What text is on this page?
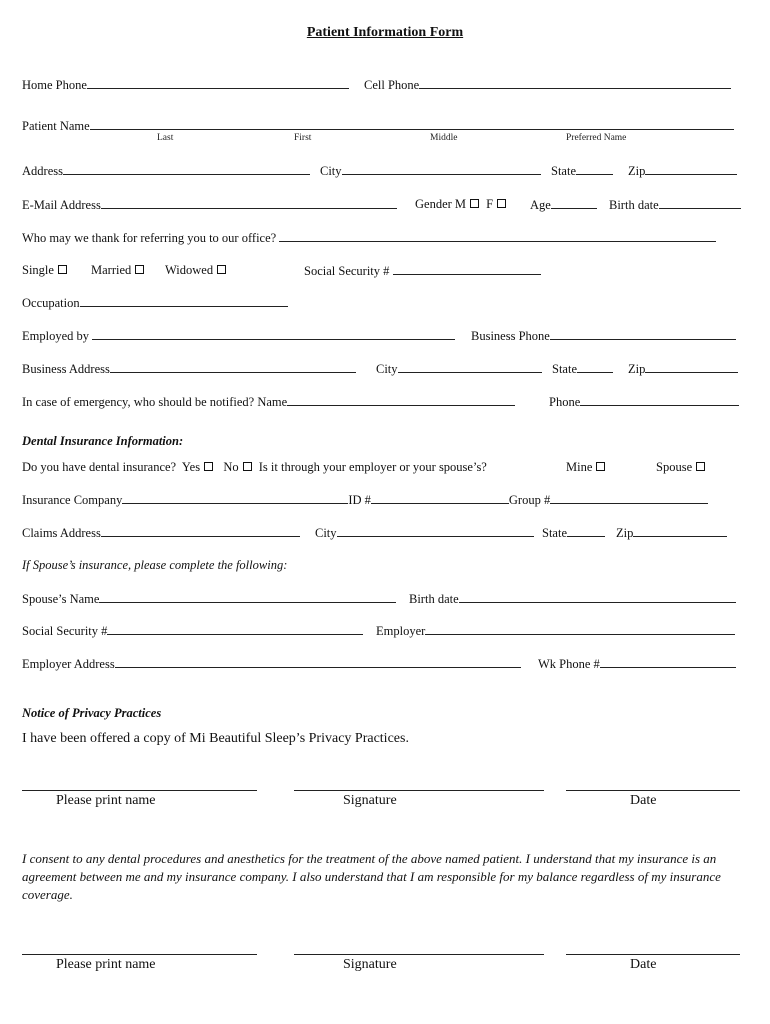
Patient Information Form
Home Phone	Cell Phone
Patient Name
Last	First	Middle	Preferred Name
Address	City	State	Zip
E-Mail Address	Gender M F	Age	Birth date
Who may we thank for referring you to our office?
Single	Married	Widowed	Social Security #
Occupation
Employed by	Business Phone
Business Address	City	State	Zip
In case of emergency, who should be notified? Name	Phone
Dental Insurance Information:
Do you have dental insurance? Yes No Is it through your employer or your spouse’s?	Mine	Spouse
Insurance Company	ID #	Group #
Claims Address	City	State	Zip
If Spouse’s insurance, please complete the following:
Spouse’s Name	Birth date
Social Security #	Employer
Employer Address	Wk Phone #
Notice of Privacy Practices
I have been offered a copy of Mi Beautiful Sleep’s Privacy Practices.
Please print name	Signature	Date
I consent to any dental procedures and anesthetics for the treatment of the above named patient. I understand that my insurance is an agreement between me and my insurance company. I also understand that I am responsible for my balance regardless of my insurance coverage.
Please print name	Signature	Date
